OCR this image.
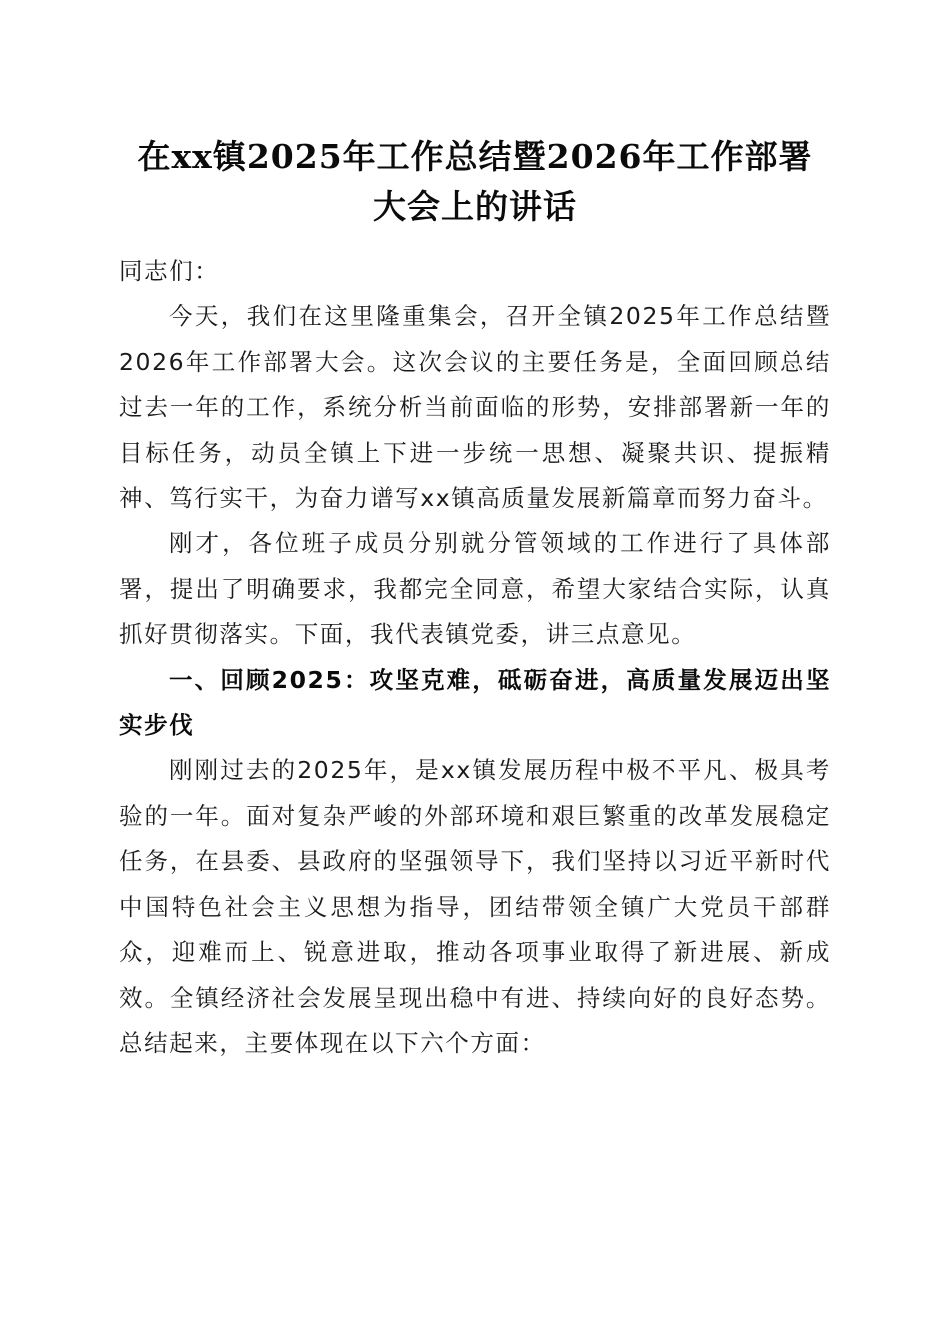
在xx镇2025年工作总结暨2026年工作部署
大会上的讲话

同志们：

今天，我们在这里隆重集会，召开全镇2025年工作总结暨2026年工作部署大会。这次会议的主要任务是，全面回顾总结过去一年的工作，系统分析当前面临的形势，安排部署新一年的目标任务，动员全镇上下进一步统一思想、凝聚共识、提振精神、笃行实干，为奋力谱写xx镇高质量发展新篇章而努力奋斗。

刚才，各位班子成员分别就分管领域的工作进行了具体部署，提出了明确要求，我都完全同意，希望大家结合实际，认真抓好贯彻落实。下面，我代表镇党委，讲三点意见。

一、回顾2025：攻坚克难，砥砺奋进，高质量发展迈出坚实步伐

刚刚过去的2025年，是xx镇发展历程中极不平凡、极具考验的一年。面对复杂严峻的外部环境和艰巨繁重的改革发展稳定任务，在县委、县政府的坚强领导下，我们坚持以习近平新时代中国特色社会主义思想为指导，团结带领全镇广大党员干部群众，迎难而上、锐意进取，推动各项事业取得了新进展、新成效。全镇经济社会发展呈现出稳中有进、持续向好的良好态势。总结起来，主要体现在以下六个方面：
